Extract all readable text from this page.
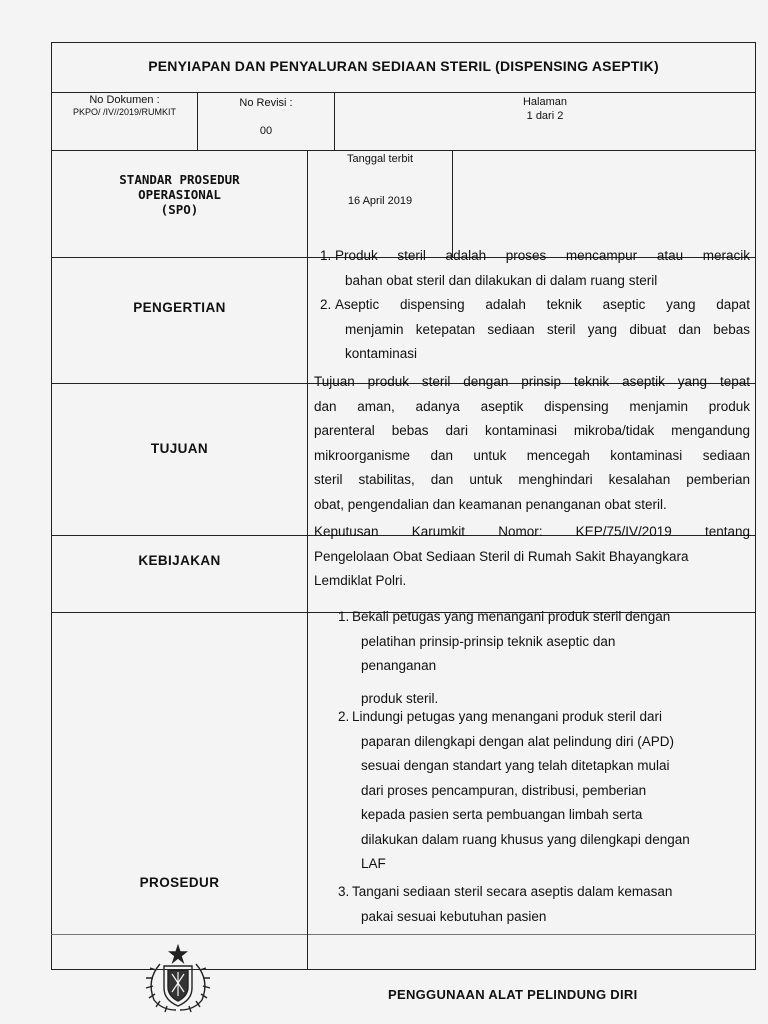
PENYIAPAN DAN PENYALURAN SEDIAAN STERIL (DISPENSING ASEPTIK)
No Dokumen :
PKPO/ /IV//2019/RUMKIT
No Revisi :
00
Halaman
1 dari 2
STANDAR PROSEDUR
OPERASIONAL
(SPO)
Tanggal terbit
16 April 2019
PENGERTIAN
1. Produk steril adalah proses mencampur atau meracik
bahan obat steril dan dilakukan di dalam ruang steril
2. Aseptic dispensing adalah teknik aseptic yang dapat
menjamin ketepatan sediaan steril yang dibuat dan bebas
kontaminasi
TUJUAN
Tujuan produk steril dengan prinsip teknik aseptik yang tepat
dan aman, adanya aseptik dispensing menjamin produk
parenteral bebas dari kontaminasi mikroba/tidak mengandung
mikroorganisme dan untuk mencegah kontaminasi sediaan
steril stabilitas, dan untuk menghindari kesalahan pemberian
obat, pengendalian dan keamanan penanganan obat steril.
KEBIJAKAN
Keputusan Karumkit Nomor: KEP/75/IV/2019 tentang
Pengelolaan Obat Sediaan Steril di Rumah Sakit Bhayangkara
Lemdiklat Polri.
PROSEDUR
1. Bekali petugas yang menangani produk steril dengan
pelatihan prinsip-prinsip teknik aseptic dan
penanganan
produk steril.
2. Lindungi petugas yang menangani produk steril dari
paparan dilengkapi dengan alat pelindung diri (APD)
sesuai dengan standart yang telah ditetapkan mulai
dari proses pencampuran, distribusi, pemberian
kepada pasien serta pembuangan limbah serta
dilakukan dalam ruang khusus yang dilengkapi dengan
LAF
3. Tangani sediaan steril secara aseptis dalam kemasan
pakai sesuai kebutuhan pasien
PENGGUNAAN ALAT PELINDUNG DIRI
